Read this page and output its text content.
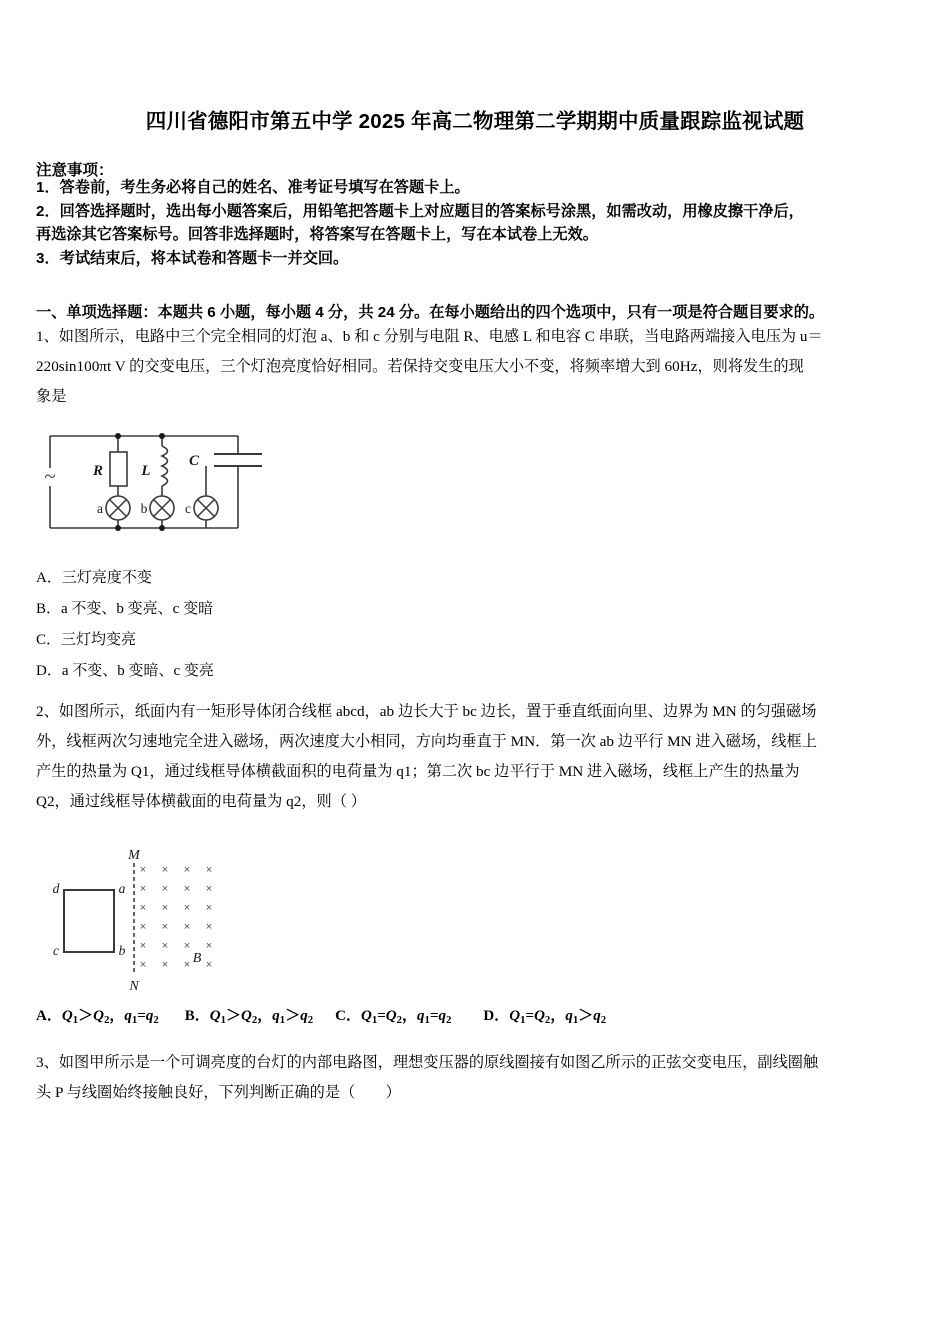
四川省德阳市第五中学 2025 年高二物理第二学期期中质量跟踪监视试题
注意事项：

1．答卷前，考生务必将自己的姓名、准考证号填写在答题卡上。

2．回答选择题时，选出每小题答案后，用铅笔把答题卡上对应题目的答案标号涂黑，如需改动，用橡皮擦干净后，

再选涂其它答案标号。回答非选择题时，将答案写在答题卡上，写在本试卷上无效。

3．考试结束后，将本试卷和答题卡一并交回。

一、单项选择题：本题共 6 小题，每小题 4 分，共 24 分。在每小题给出的四个选项中，只有一项是符合题目要求的。

1、如图所示，电路中三个完全相同的灯泡 a、b 和 c 分别与电阻 R、电感 L 和电容 C 串联，当电路两端接入电压为 u＝

220sin100πt V 的交变电压，三个灯泡亮度恰好相同。若保持交变电压大小不变，将频率增大到 60Hz，则将发生的现

象是

~ R	L
C
a	b	c

A．三灯亮度不变

B．a 不变、b 变亮、c 变暗

C．三灯均变亮

D．a 不变、b 变暗、c 变亮

2、如图所示，纸面内有一矩形导体闭合线框 abcd，ab 边长大于 bc 边长，置于垂直纸面向里、边界为 MN 的匀强磁场

外，线框两次匀速地完全进入磁场，两次速度大小相同，方向均垂直于 MN．第一次 ab 边平行 MN 进入磁场，线框上

产生的热量为 Q1，通过线框导体横截面积的电荷量为 q1；第二次 bc 边平行于 MN 进入磁场，线框上产生的热量为

Q2，通过线框导体横截面的电荷量为 q2，则（ ）

d	a
c	b
M
N
× × × ×
× × × ×
× × × ×
× × × ×
× × × ×
× × × ×
B
A．$Q_1>Q_2$，$q_1=q_2$ B．$Q_1>Q_2$，$q_1>q_2$ C．$Q_1=Q_2$，$q_1=q_2$ D．$Q_1=Q_2$，$q_1>q_2$

3、如图甲所示是一个可调亮度的台灯的内部电路图，理想变压器的原线圈接有如图乙所示的正弦交变电压，副线圈触

头 P 与线圈始终接触良好，下列判断正确的是（　　）
